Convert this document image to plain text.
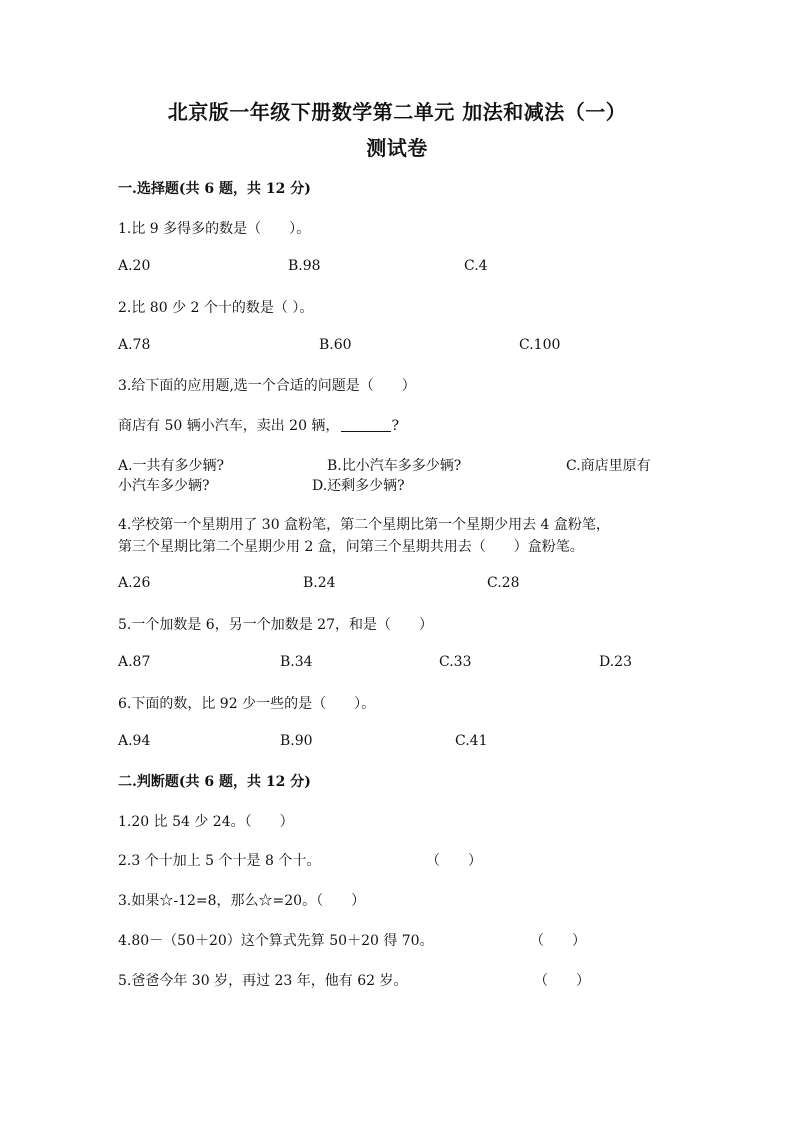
北京版一年级下册数学第二单元 加法和减法（一）
测试卷
一.选择题(共 6 题，共 12 分)
1.比 9 多得多的数是（　　）。
A.20	B.98	C.4
2.比 80 少 2 个十的数是（ ）。
A.78	B.60	C.100
3.给下面的应用题,选一个合适的问题是（　　）
商店有 50 辆小汽车，卖出 20 辆，	?
A.一共有多少辆?	B.比小汽车多多少辆?	C.商店里原有
小汽车多少辆?	D.还剩多少辆?
4.学校第一个星期用了 30 盒粉笔，第二个星期比第一个星期少用去 4 盒粉笔，
第三个星期比第二个星期少用 2 盒，问第三个星期共用去（　　）盒粉笔。
A.26	B.24	C.28
5.一个加数是 6，另一个加数是 27，和是（　　）
A.87	B.34	C.33	D.23
6.下面的数，比 92 少一些的是（　　）。
A.94	B.90	C.41
二.判断题(共 6 题，共 12 分)
1.20 比 54 少 24。（　　）
2.3 个十加上 5 个十是 8 个十。	（　　）
3.如果☆-12=8，那么☆=20。（　　）
4.80－（50＋20）这个算式先算 50＋20 得 70。	（　　）
5.爸爸今年 30 岁，再过 23 年，他有 62 岁。	（　　）
